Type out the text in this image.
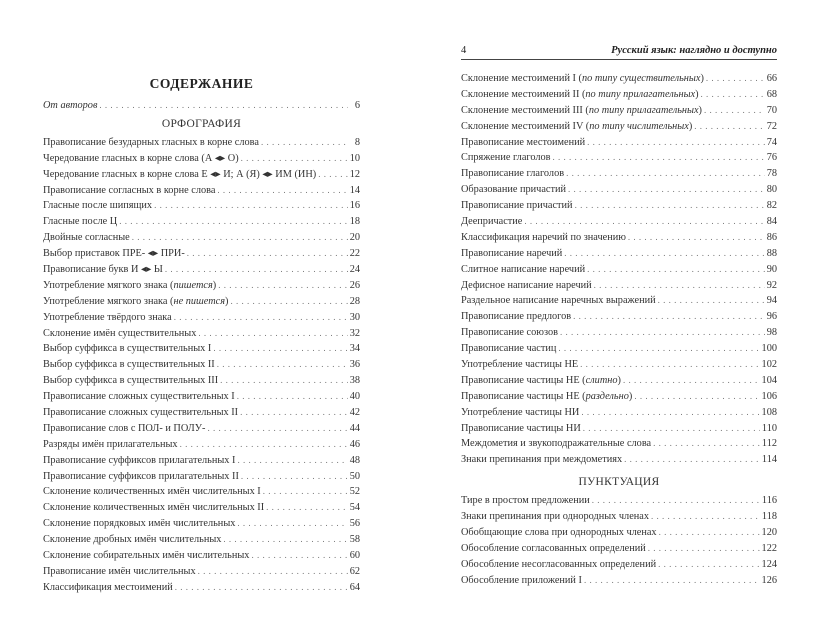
СОДЕРЖАНИЕ
От авторов . . .	6
ОРФОГРАФИЯ
Правописание безударных гласных в корне слова . . .	8
Чередование гласных в корне слова (А ◂▸ О) . . .	10
Чередование гласных в корне слова Е ◂▸ И; А (Я) ◂▸ ИМ (ИН) . . .	12
Правописание согласных в корне слова . . .	14
Гласные после шипящих . . .	16
Гласные после Ц . . .	18
Двойные согласные . . .	20
Выбор приставок ПРЕ- ◂▸ ПРИ- . . .	22
Правописание букв И ◂▸ Ы . . .	24
Употребление мягкого знака (пишется) . . .	26
Употребление мягкого знака (не пишется) . . .	28
Употребление твёрдого знака . . .	30
Склонение имён существительных . . .	32
Выбор суффикса в существительных I . . .	34
Выбор суффикса в существительных II . . .	36
Выбор суффикса в существительных III . . .	38
Правописание сложных существительных I . . .	40
Правописание сложных существительных II . . .	42
Правописание слов с ПОЛ- и ПОЛУ- . . .	44
Разряды имён прилагательных . . .	46
Правописание суффиксов прилагательных I . . .	48
Правописание суффиксов прилагательных II . . .	50
Склонение количественных имён числительных I . . .	52
Склонение количественных имён числительных II . . .	54
Склонение порядковых имён числительных . . .	56
Склонение дробных имён числительных . . .	58
Склонение собирательных имён числительных . . .	60
Правописание имён числительных . . .	62
Классификация местоимений . . .	64
4	Русский язык: наглядно и доступно
Склонение местоимений I (по типу существительных) . . .	66
Склонение местоимений II (по типу прилагательных) . . .	68
Склонение местоимений III (по типу прилагательных) . . .	70
Склонение местоимений IV (по типу числительных) . . .	72
Правописание местоимений . . .	74
Спряжение глаголов . . .	76
Правописание глаголов . . .	78
Образование причастий . . .	80
Правописание причастий . . .	82
Деепричастие . . .	84
Классификация наречий по значению . . .	86
Правописание наречий . . .	88
Слитное написание наречий . . .	90
Дефисное написание наречий . . .	92
Раздельное написание наречных выражений . . .	94
Правописание предлогов . . .	96
Правописание союзов . . .	98
Правописание частиц . . .	100
Употребление частицы НЕ . . .	102
Правописание частицы НЕ (слитно) . . .	104
Правописание частицы НЕ (раздельно) . . .	106
Употребление частицы НИ . . .	108
Правописание частицы НИ . . .	110
Междометия и звукоподражательные слова . . .	112
Знаки препинания при междометиях . . .	114
ПУНКТУАЦИЯ
Тире в простом предложении . . .	116
Знаки препинания при однородных членах . . .	118
Обобщающие слова при однородных членах . . .	120
Обособление согласованных определений . . .	122
Обособление несогласованных определений . . .	124
Обособление приложений I . . .	126
